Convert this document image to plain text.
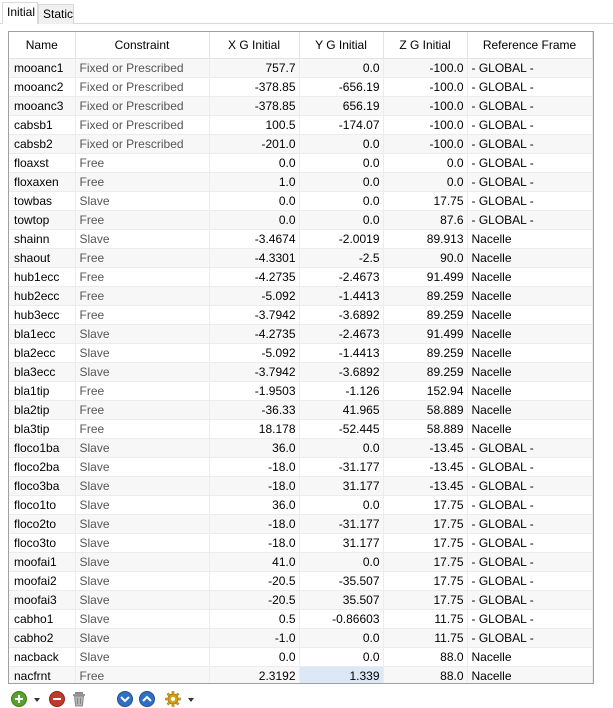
Initial Static
Name	Constraint	X G Initial	Y G Initial	Z G Initial	Reference Frame
mooanc1	Fixed or Prescribed	757.7	0.0	-100.0	- GLOBAL -
mooanc2	Fixed or Prescribed	-378.85	-656.19	-100.0	- GLOBAL -
mooanc3	Fixed or Prescribed	-378.85	656.19	-100.0	- GLOBAL -
cabsb1	Fixed or Prescribed	100.5	-174.07	-100.0	- GLOBAL -
cabsb2	Fixed or Prescribed	-201.0	0.0	-100.0	- GLOBAL -
floaxst	Free	0.0	0.0	0.0	- GLOBAL -
floxaxen	Free	1.0	0.0	0.0	- GLOBAL -
towbas	Slave	0.0	0.0	17.75	- GLOBAL -
towtop	Free	0.0	0.0	87.6	- GLOBAL -
shainn	Slave	-3.4674	-2.0019	89.913	Nacelle
shaout	Free	-4.3301	-2.5	90.0	Nacelle
hub1ecc	Free	-4.2735	-2.4673	91.499	Nacelle
hub2ecc	Free	-5.092	-1.4413	89.259	Nacelle
hub3ecc	Free	-3.7942	-3.6892	89.259	Nacelle
bla1ecc	Slave	-4.2735	-2.4673	91.499	Nacelle
bla2ecc	Slave	-5.092	-1.4413	89.259	Nacelle
bla3ecc	Slave	-3.7942	-3.6892	89.259	Nacelle
bla1tip	Free	-1.9503	-1.126	152.94	Nacelle
bla2tip	Free	-36.33	41.965	58.889	Nacelle
bla3tip	Free	18.178	-52.445	58.889	Nacelle
floco1ba	Slave	36.0	0.0	-13.45	- GLOBAL -
floco2ba	Slave	-18.0	-31.177	-13.45	- GLOBAL -
floco3ba	Slave	-18.0	31.177	-13.45	- GLOBAL -
floco1to	Slave	36.0	0.0	17.75	- GLOBAL -
floco2to	Slave	-18.0	-31.177	17.75	- GLOBAL -
floco3to	Slave	-18.0	31.177	17.75	- GLOBAL -
moofai1	Slave	41.0	0.0	17.75	- GLOBAL -
moofai2	Slave	-20.5	-35.507	17.75	- GLOBAL -
moofai3	Slave	-20.5	35.507	17.75	- GLOBAL -
cabho1	Slave	0.5	-0.86603	11.75	- GLOBAL -
cabho2	Slave	-1.0	0.0	11.75	- GLOBAL -
nacback	Slave	0.0	0.0	88.0	Nacelle
nacfrnt	Free	2.3192	1.339	88.0	Nacelle
